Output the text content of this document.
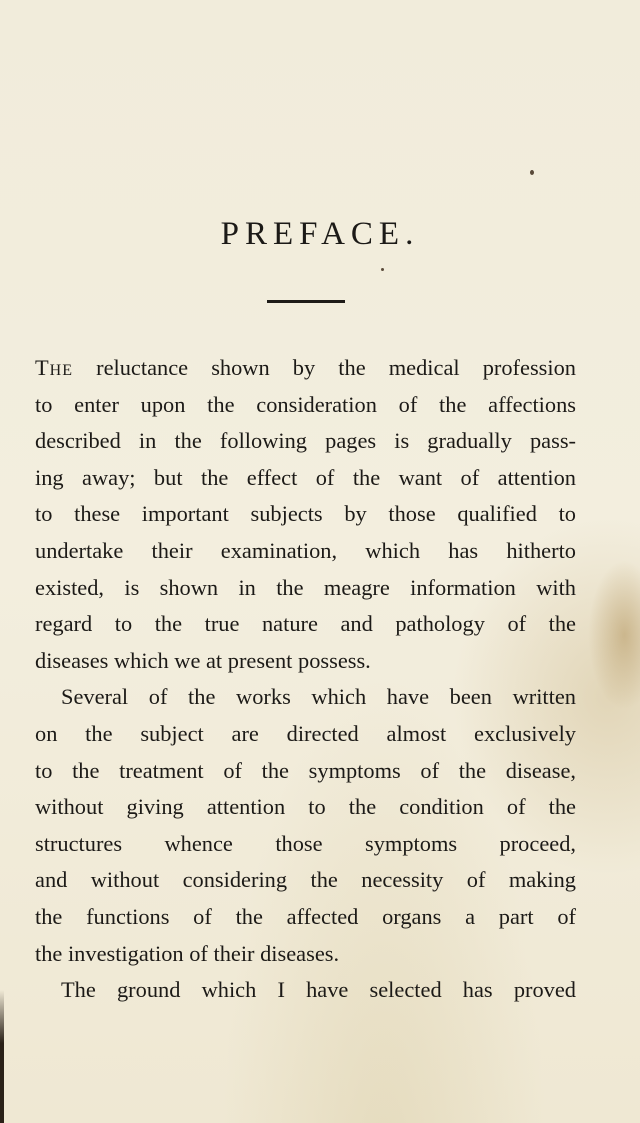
PREFACE.
The reluctance shown by the medical profession
to enter upon the consideration of the affections
described in the following pages is gradually pass-
ing away; but the effect of the want of attention
to these important subjects by those qualified to
undertake their examination, which has hitherto
existed, is shown in the meagre information with
regard to the true nature and pathology of the
diseases which we at present possess.
Several of the works which have been written
on the subject are directed almost exclusively
to the treatment of the symptoms of the disease,
without giving attention to the condition of the
structures whence those symptoms proceed,
and without considering the necessity of making
the functions of the affected organs a part of
the investigation of their diseases.
The ground which I have selected has proved
